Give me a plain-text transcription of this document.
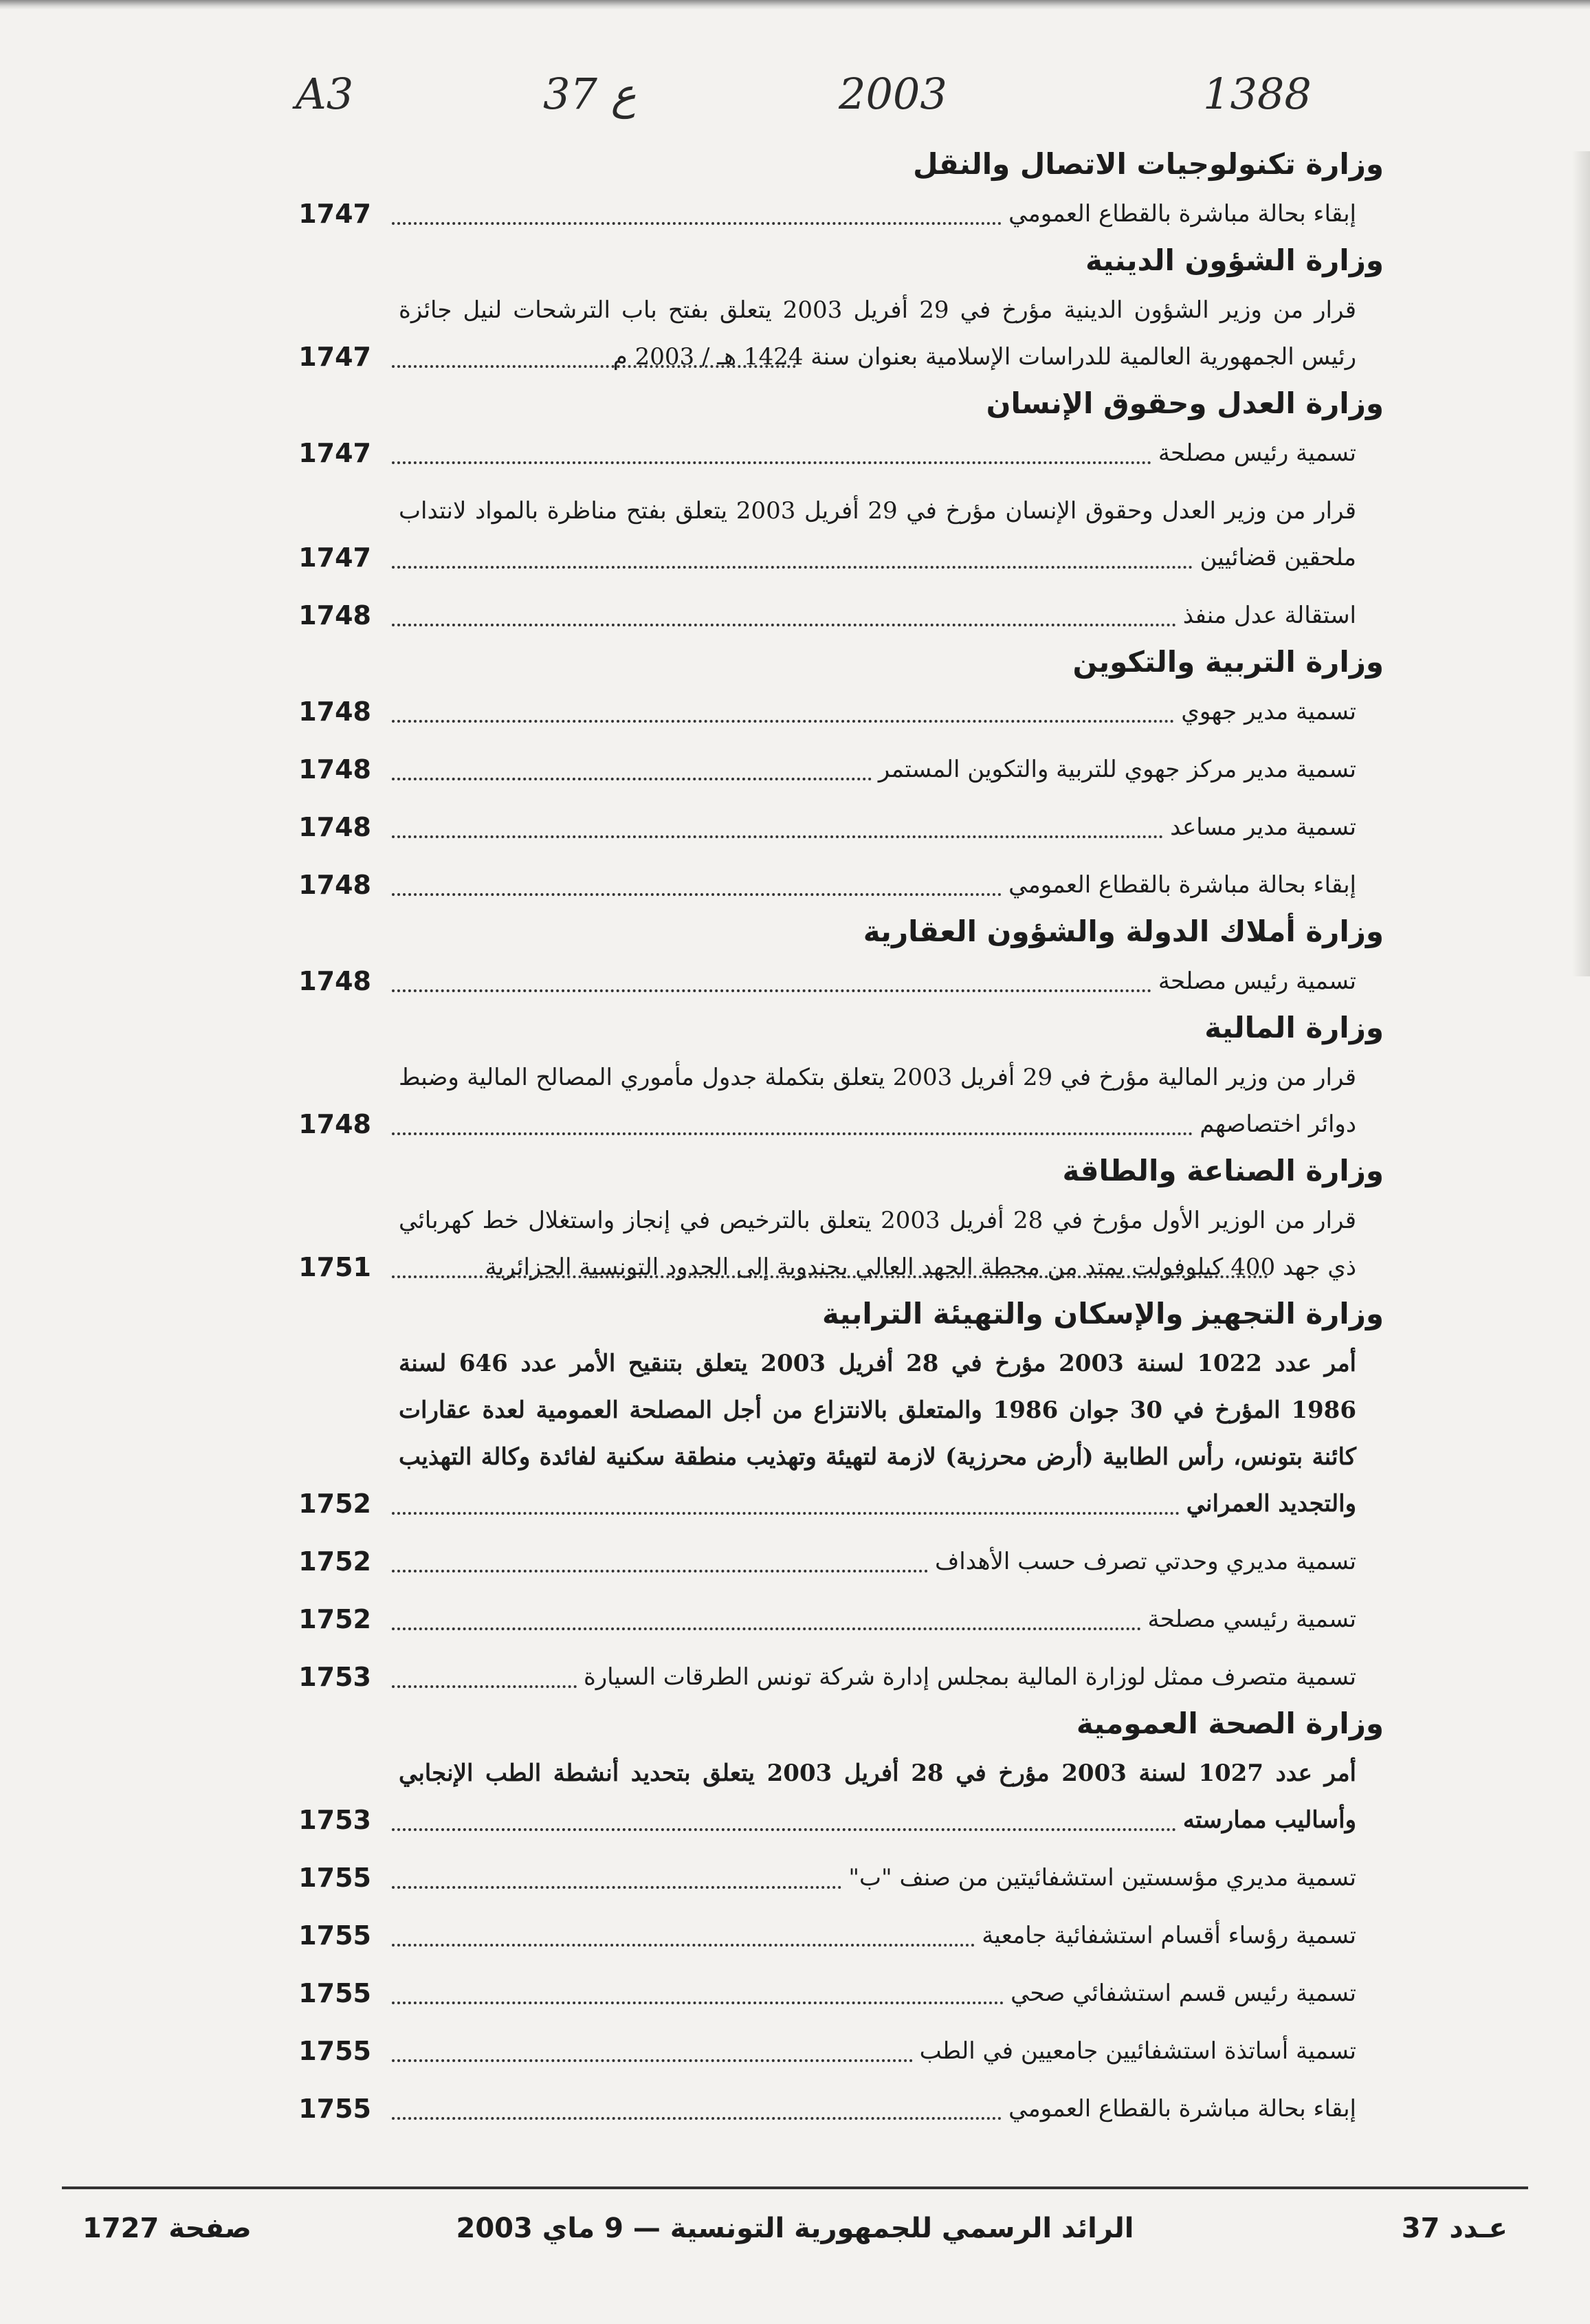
A3	37 ع	2003	1388
وزارة تكنولوجيات الاتصال والنقل
إبقاء بحالة مباشرة بالقطاع العمومي
1747
وزارة الشؤون الدينية
قرار من وزير الشؤون الدينية مؤرخ في 29 أفريل 2003 يتعلق بفتح باب الترشحات لنيل جائزة رئيس الجمهورية العالمية للدراسات الإسلامية بعنوان سنة 1424 هـ / 2003 م
1747
وزارة العدل وحقوق الإنسان
تسمية رئيس مصلحة
1747
قرار من وزير العدل وحقوق الإنسان مؤرخ في 29 أفريل 2003 يتعلق بفتح مناظرة بالمواد لانتداب ملحقين قضائيين
1747
استقالة عدل منفذ
1748
وزارة التربية والتكوين
تسمية مدير جهوي
1748
تسمية مدير مركز جهوي للتربية والتكوين المستمر
1748
تسمية مدير مساعد
1748
إبقاء بحالة مباشرة بالقطاع العمومي
1748
وزارة أملاك الدولة والشؤون العقارية
تسمية رئيس مصلحة
1748
وزارة المالية
قرار من وزير المالية مؤرخ في 29 أفريل 2003 يتعلق بتكملة جدول مأموري المصالح المالية وضبط دوائر اختصاصهم
1748
وزارة الصناعة والطاقة
قرار من الوزير الأول مؤرخ في 28 أفريل 2003 يتعلق بالترخيص في إنجاز واستغلال خط كهربائي ذي جهد 400 كيلوفولت يمتد من محطة الجهد العالي بجندوبة إلى الحدود التونسية الجزائرية
1751
وزارة التجهيز والإسكان والتهيئة الترابية
أمر عدد 1022 لسنة 2003 مؤرخ في 28 أفريل 2003 يتعلق بتنقيح الأمر عدد 646 لسنة 1986 المؤرخ في 30 جوان 1986 والمتعلق بالانتزاع من أجل المصلحة العمومية لعدة عقارات كائنة بتونس، رأس الطابية (أرض محرزية) لازمة لتهيئة وتهذيب منطقة سكنية لفائدة وكالة التهذيب والتجديد العمراني
1752
تسمية مديري وحدتي تصرف حسب الأهداف
1752
تسمية رئيسي مصلحة
1752
تسمية متصرف ممثل لوزارة المالية بمجلس إدارة شركة تونس الطرقات السيارة
1753
وزارة الصحة العمومية
أمر عدد 1027 لسنة 2003 مؤرخ في 28 أفريل 2003 يتعلق بتحديد أنشطة الطب الإنجابي وأساليب ممارسته
1753
تسمية مديري مؤسستين استشفائيتين من صنف "ب"
1755
تسمية رؤساء أقسام استشفائية جامعية
1755
تسمية رئيس قسم استشفائي صحي
1755
تسمية أساتذة استشفائيين جامعيين في الطب
1755
إبقاء بحالة مباشرة بالقطاع العمومي
1755
عـدد 37
الرائد الرسمي للجمهورية التونسية — 9 ماي 2003
صفحة 1727
